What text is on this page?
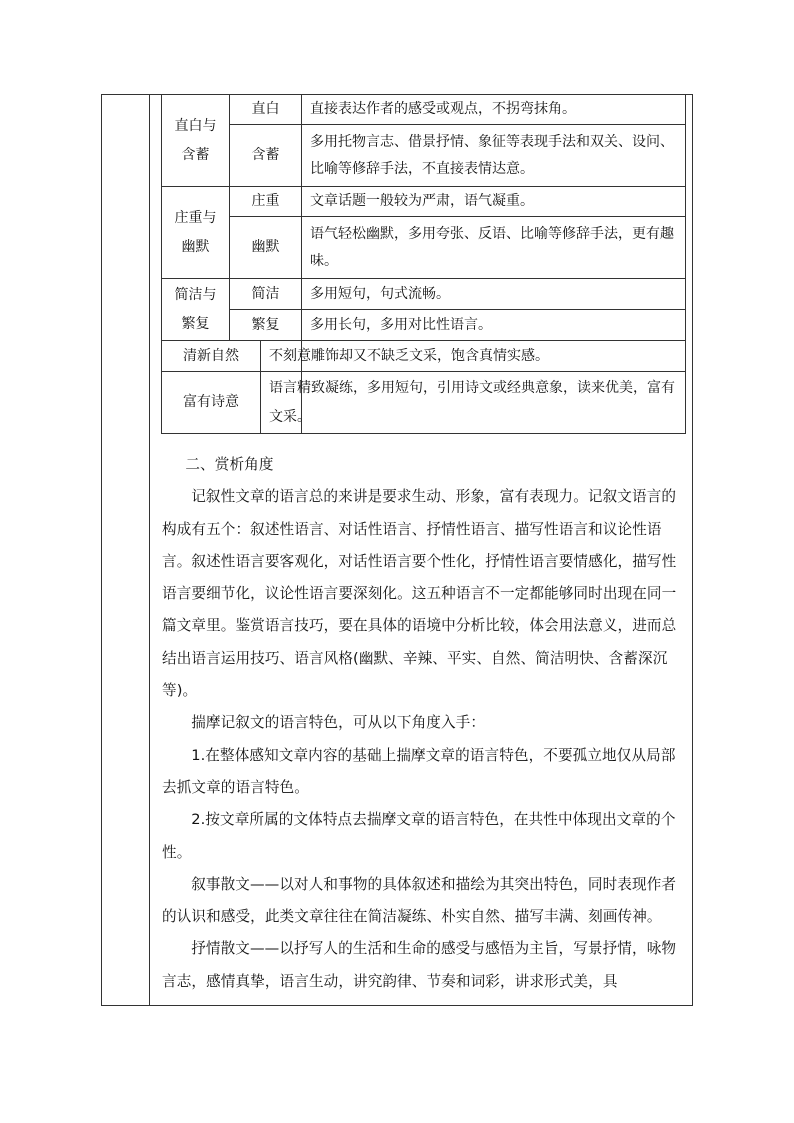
直白与
含蓄	直白	直接表达作者的感受或观点，不拐弯抹角。
	含蓄	多用托物言志、借景抒情、象征等表现手法和双关、设问、比喻等修辞手法，不直接表情达意。
庄重与
幽默	庄重	文章话题一般较为严肃，语气凝重。
	幽默	语气轻松幽默，多用夸张、反语、比喻等修辞手法，更有趣味。
简洁与
繁复	简洁	多用短句，句式流畅。
	繁复	多用长句，多用对比性语言。

清新自然		不刻意雕饰却又不缺乏文采，饱含真情实感。

富有诗意		语言精致凝练，多用短句，引用诗文或经典意象，读来优美，富有文采。

二、赏析角度

记叙性文章的语言总的来讲是要求生动、形象，富有表现力。记叙文语言的构成有五个：叙述性语言、对话性语言、抒情性语言、描写性语言和议论性语言。叙述性语言要客观化，对话性语言要个性化，抒情性语言要情感化，描写性语言要细节化，议论性语言要深刻化。这五种语言不一定都能够同时出现在同一篇文章里。鉴赏语言技巧，要在具体的语境中分析比较，体会用法意义，进而总结出语言运用技巧、语言风格(幽默、辛辣、平实、自然、简洁明快、含蓄深沉等)。

揣摩记叙文的语言特色，可从以下角度入手：

1.在整体感知文章内容的基础上揣摩文章的语言特色，不要孤立地仅从局部去抓文章的语言特色。

2.按文章所属的文体特点去揣摩文章的语言特色，在共性中体现出文章的个性。

叙事散文——以对人和事物的具体叙述和描绘为其突出特色，同时表现作者的认识和感受，此类文章往往在简洁凝练、朴实自然、描写丰满、刻画传神。

抒情散文——以抒写人的生活和生命的感受与感悟为主旨，写景抒情，咏物言志，感情真挚，语言生动，讲究韵律、节奏和词彩，讲求形式美，具
